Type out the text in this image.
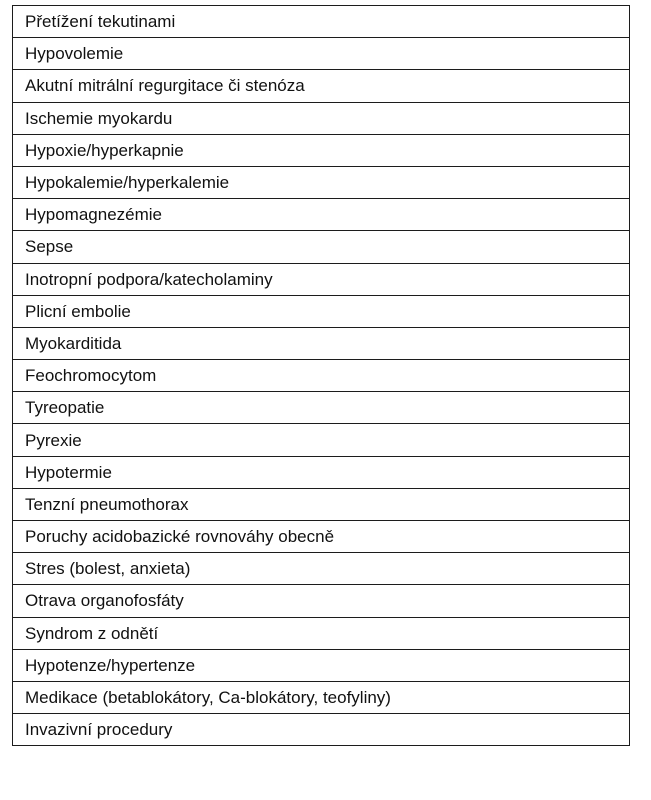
Přetížení tekutinami
Hypovolemie
Akutní mitrální regurgitace či stenóza
Ischemie myokardu
Hypoxie/hyperkapnie
Hypokalemie/hyperkalemie
Hypomagnezémie
Sepse
Inotropní podpora/katecholaminy
Plicní embolie
Myokarditida
Feochromocytom
Tyreopatie
Pyrexie
Hypotermie
Tenzní pneumothorax
Poruchy acidobazické rovnováhy obecně
Stres (bolest, anxieta)
Otrava organofosfáty
Syndrom z odnětí
Hypotenze/hypertenze
Medikace (betablokátory, Ca-blokátory, teofyliny)
Invazivní procedury
